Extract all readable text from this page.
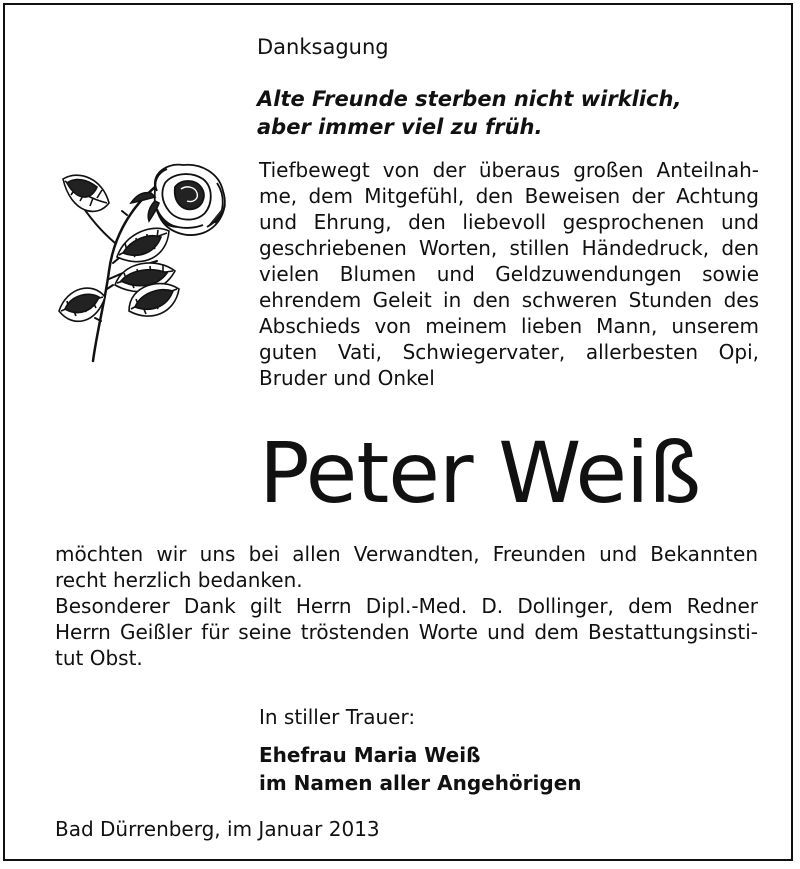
Danksagung
Alte Freunde sterben nicht wirklich,
aber immer viel zu früh.
Tiefbewegt von der überaus großen Anteilnah-
me, dem Mitgefühl, den Beweisen der Achtung
und Ehrung, den liebevoll gesprochenen und
geschriebenen Worten, stillen Händedruck, den
vielen Blumen und Geldzuwendungen sowie
ehrendem Geleit in den schweren Stunden des
Abschieds von meinem lieben Mann, unserem
guten Vati, Schwiegervater, allerbesten Opi,
Bruder und Onkel
Peter Weiß
möchten wir uns bei allen Verwandten, Freunden und Bekannten
recht herzlich bedanken.
Besonderer Dank gilt Herrn Dipl.-Med. D. Dollinger, dem Redner
Herrn Geißler für seine tröstenden Worte und dem Bestattungsinsti-
tut Obst.
In stiller Trauer:
Ehefrau Maria Weiß
im Namen aller Angehörigen
Bad Dürrenberg, im Januar 2013
